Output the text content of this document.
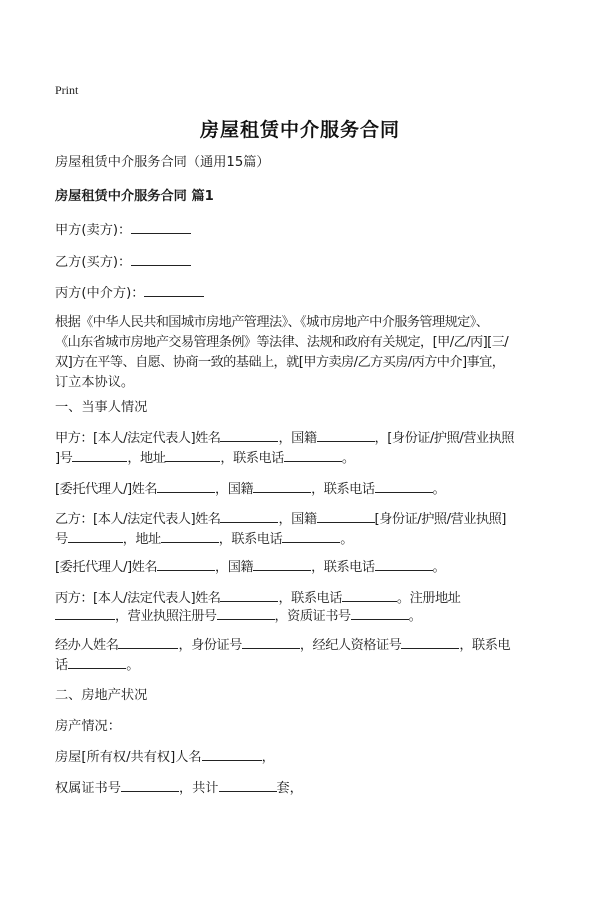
Print
房屋租赁中介服务合同
房屋租赁中介服务合同（通用15篇）
房屋租赁中介服务合同 篇1
甲方(卖方)：
乙方(买方)：
丙方(中介方)：
根据《中华人民共和国城市房地产管理法》、《城市房地产中介服务管理规定》、
《山东省城市房地产交易管理条例》等法律、法规和政府有关规定，[甲/乙/丙][三/
双]方在平等、自愿、协商一致的基础上，就[甲方卖房/乙方买房/丙方中介]事宜，
订立本协议。
一、当事人情况
甲方：[本人/法定代表人]姓名	，国籍	，[身份证/护照/营业执照
]号	，地址	，联系电话	。
[委托代理人/]姓名	，国籍	，联系电话	。
乙方：[本人/法定代表人]姓名	，国籍	[身份证/护照/营业执照]
号	，地址	，联系电话	。
[委托代理人/]姓名	，国籍	，联系电话	。
丙方：[本人/法定代表人]姓名	，联系电话	。注册地址
，营业执照注册号	，资质证书号	。
经办人姓名	，身份证号	，经纪人资格证号	，联系电
话	。
二、房地产状况
房产情况：
房屋[所有权/共有权]人名	，
权属证书号	，共计	套，
